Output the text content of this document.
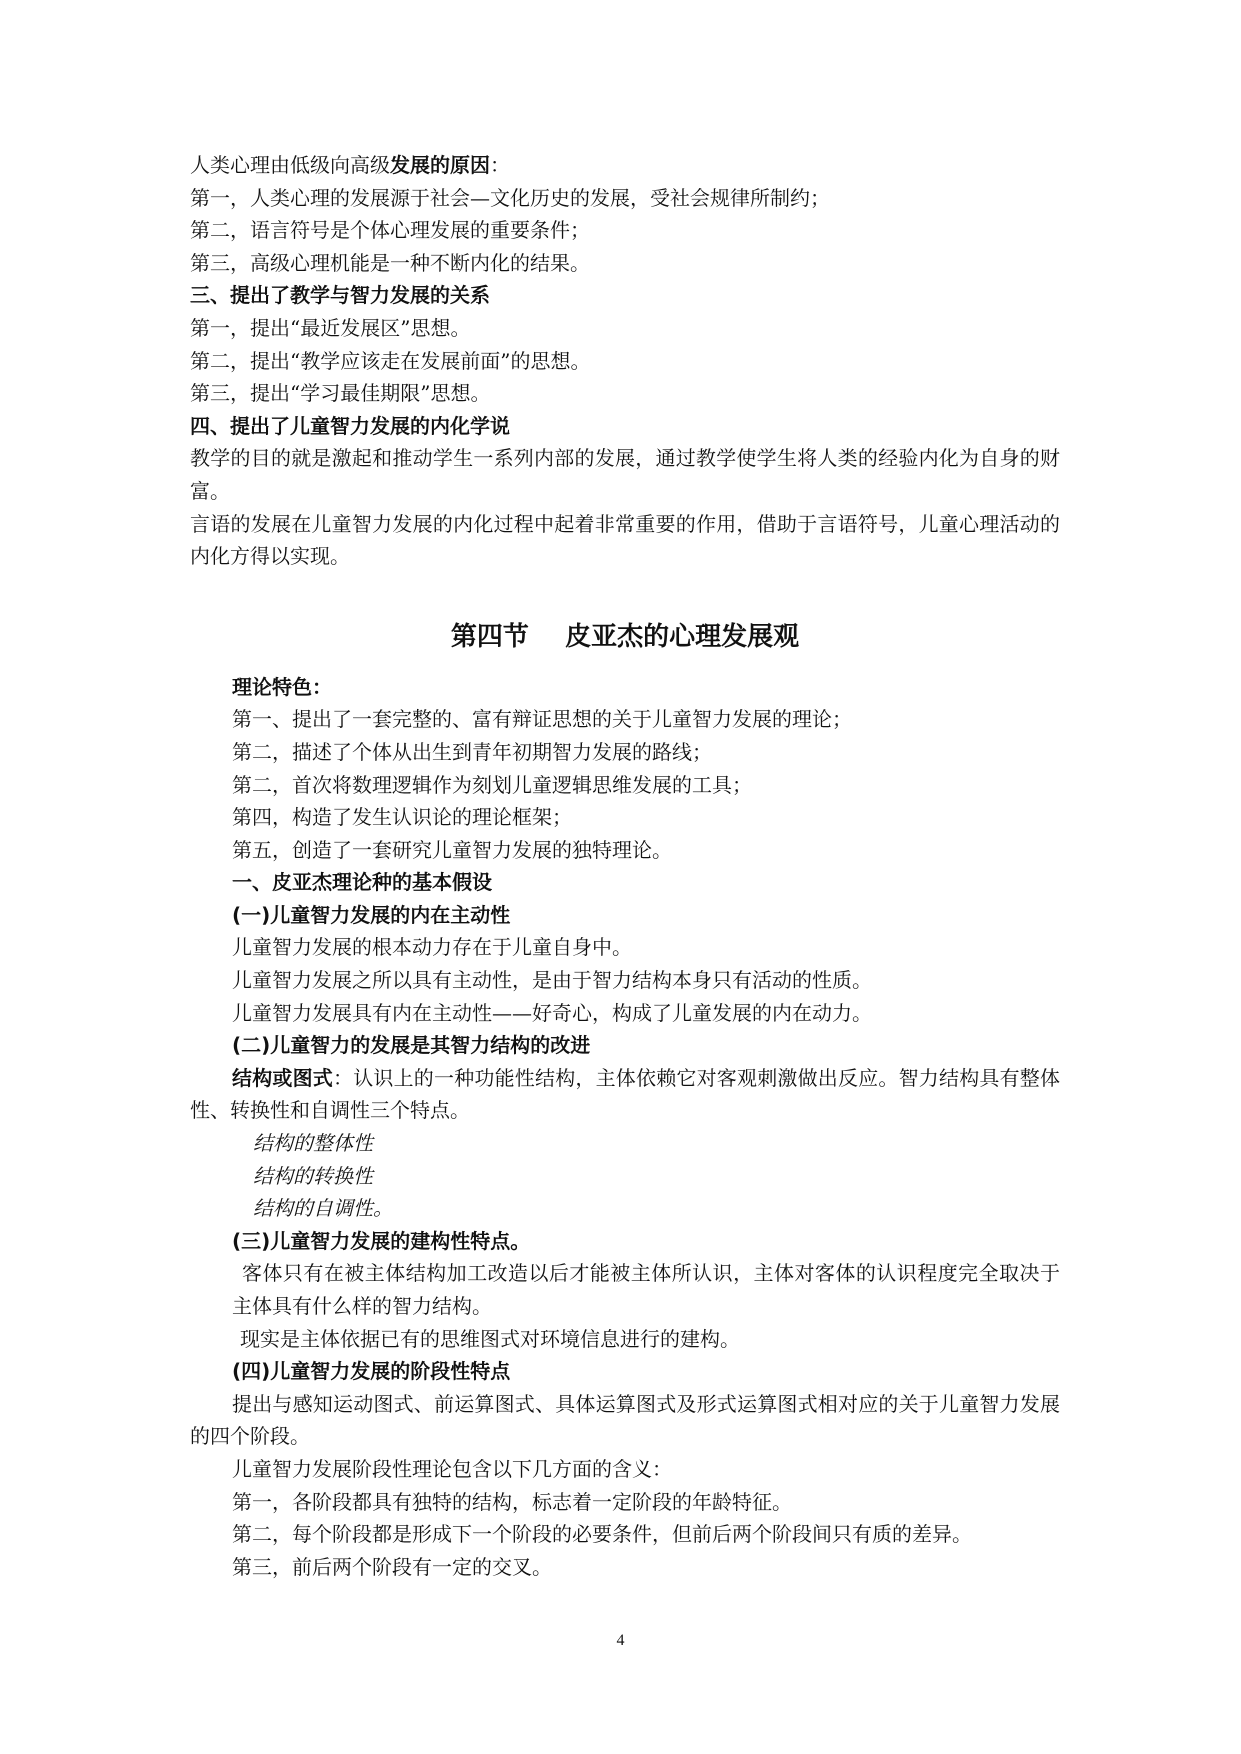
人类心理由低级向高级发展的原因：

第一，人类心理的发展源于社会—文化历史的发展，受社会规律所制约；

第二，语言符号是个体心理发展的重要条件；

第三，高级心理机能是一种不断内化的结果。

三、提出了教学与智力发展的关系

第一，提出“最近发展区”思想。

第二，提出“教学应该走在发展前面”的思想。

第三，提出“学习最佳期限”思想。

四、提出了儿童智力发展的内化学说

教学的目的就是激起和推动学生一系列内部的发展，通过教学使学生将人类的经验内化为自身的财富。

言语的发展在儿童智力发展的内化过程中起着非常重要的作用，借助于言语符号，儿童心理活动的内化方得以实现。

第四节    皮亚杰的心理发展观

理论特色：

第一、提出了一套完整的、富有辩证思想的关于儿童智力发展的理论；

第二，描述了个体从出生到青年初期智力发展的路线；

第二，首次将数理逻辑作为刻划儿童逻辑思维发展的工具；

第四，构造了发生认识论的理论框架；

第五，创造了一套研究儿童智力发展的独特理论。

一、皮亚杰理论种的基本假设

(一)儿童智力发展的内在主动性

儿童智力发展的根本动力存在于儿童自身中。

儿童智力发展之所以具有主动性，是由于智力结构本身只有活动的性质。

儿童智力发展具有内在主动性——好奇心，构成了儿童发展的内在动力。

(二)儿童智力的发展是其智力结构的改进

结构或图式：认识上的一种功能性结构，主体依赖它对客观刺激做出反应。智力结构具有整体性、转换性和自调性三个特点。

结构的整体性

结构的转换性

结构的自调性。

(三)儿童智力发展的建构性特点。

客体只有在被主体结构加工改造以后才能被主体所认识，主体对客体的认识程度完全取决于主体具有什么样的智力结构。

现实是主体依据已有的思维图式对环境信息进行的建构。

(四)儿童智力发展的阶段性特点

提出与感知运动图式、前运算图式、具体运算图式及形式运算图式相对应的关于儿童智力发展的四个阶段。

儿童智力发展阶段性理论包含以下几方面的含义：

第一，各阶段都具有独特的结构，标志着一定阶段的年龄特征。

第二，每个阶段都是形成下一个阶段的必要条件，但前后两个阶段间只有质的差异。

第三，前后两个阶段有一定的交叉。

4
